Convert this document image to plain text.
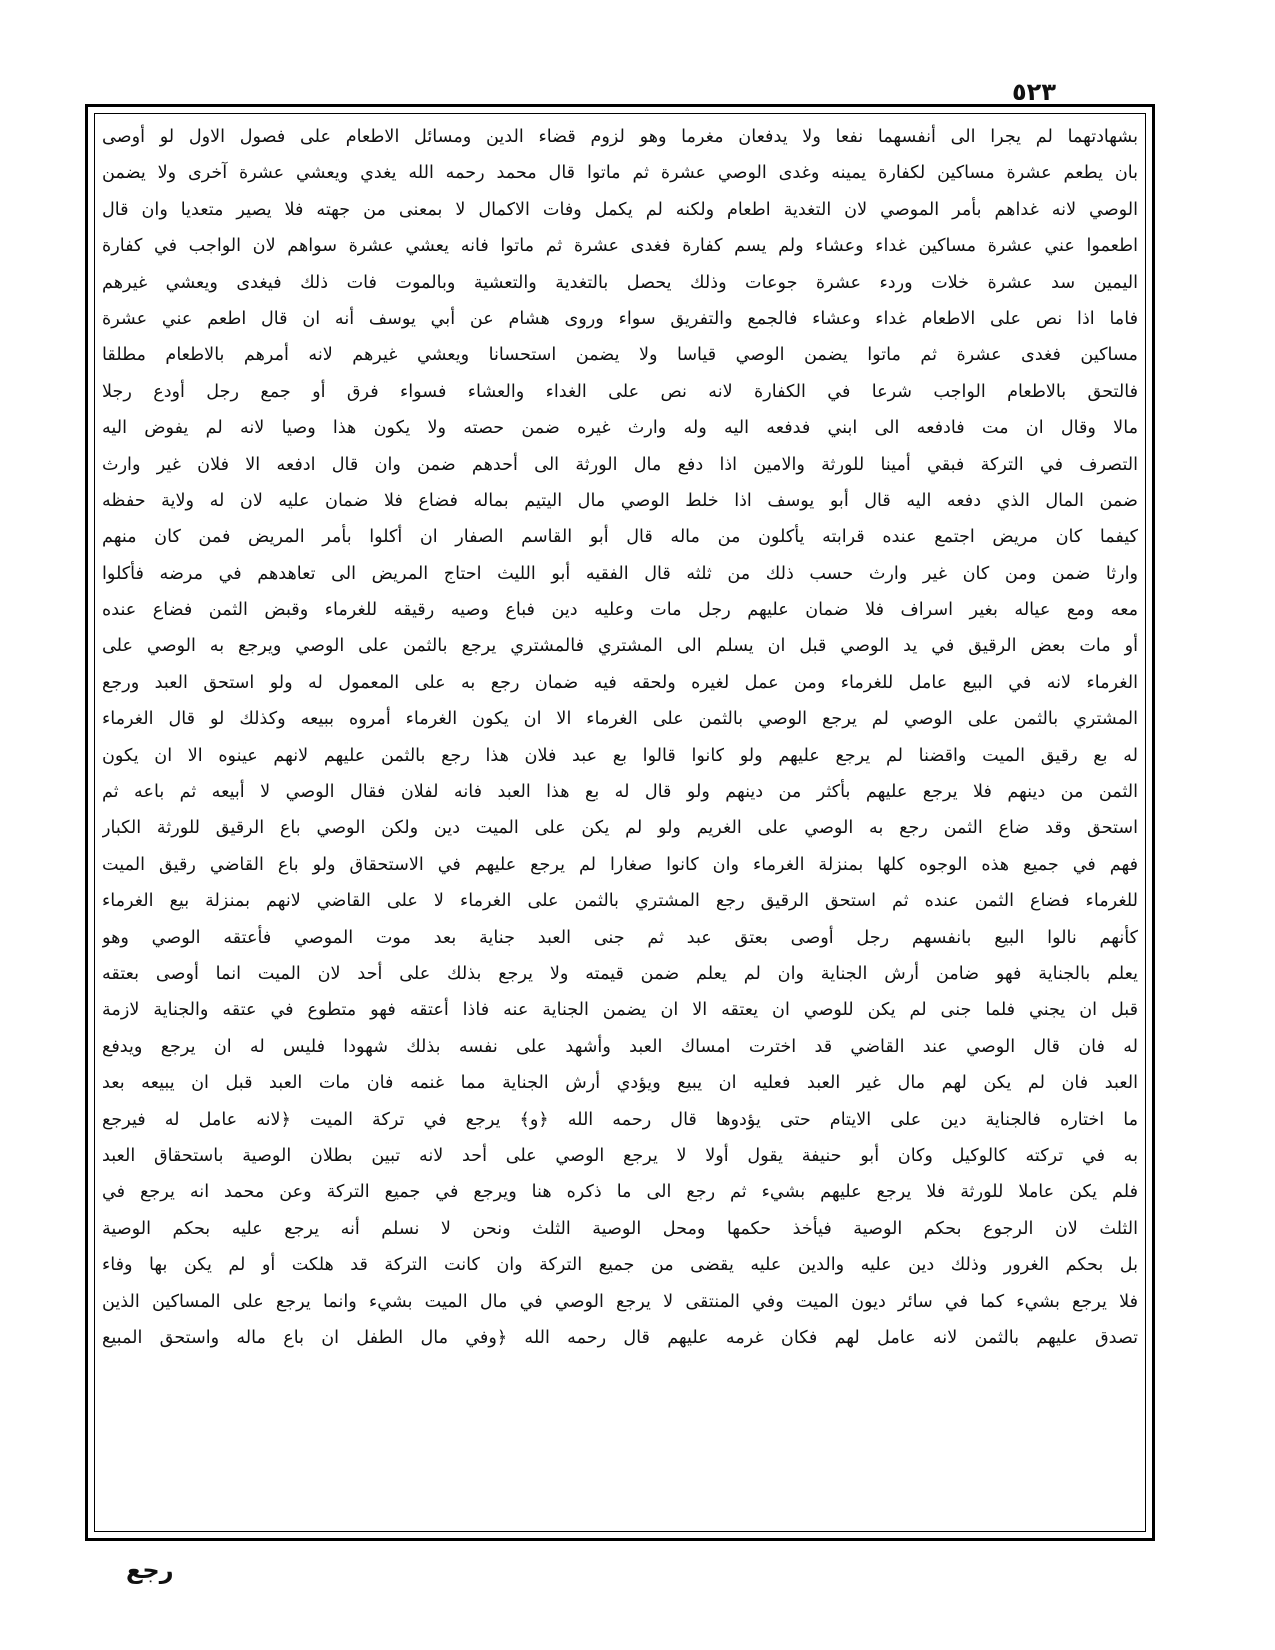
٥٢٣
بشهادتهما لم يجرا الى أنفسهما نفعا ولا يدفعان مغرما وهو لزوم قضاء الدين ومسائل الاطعام على فصول الاول لو أوصى
بان يطعم عشرة مساكين لكفارة يمينه وغدى الوصي عشرة ثم ماتوا قال محمد رحمه الله يغدي ويعشي عشرة آخرى ولا يضمن
الوصي لانه غداهم بأمر الموصي لان التغدية اطعام ولكنه لم يكمل وفات الاكمال لا بمعنى من جهته فلا يصير متعديا وان قال
اطعموا عني عشرة مساكين غداء وعشاء ولم يسم كفارة فغدى عشرة ثم ماتوا فانه يعشي عشرة سواهم لان الواجب في كفارة
اليمين سد عشرة خلات وردء عشرة جوعات وذلك يحصل بالتغدية والتعشية وبالموت فات ذلك فيغدى ويعشي غيرهم
فاما اذا نص على الاطعام غداء وعشاء فالجمع والتفريق سواء وروى هشام عن أبي يوسف أنه ان قال اطعم عني عشرة
مساكين فغدى عشرة ثم ماتوا يضمن الوصي قياسا ولا يضمن استحسانا ويعشي غيرهم لانه أمرهم بالاطعام مطلقا
فالتحق بالاطعام الواجب شرعا في الكفارة لانه نص على الغداء والعشاء فسواء فرق أو جمع رجل أودع رجلا
مالا وقال ان مت فادفعه الى ابني فدفعه اليه وله وارث غيره ضمن حصته ولا يكون هذا وصيا لانه لم يفوض اليه
التصرف في التركة فبقي أمينا للورثة والامين اذا دفع مال الورثة الى أحدهم ضمن وان قال ادفعه الا فلان غير وارث
ضمن المال الذي دفعه اليه قال أبو يوسف اذا خلط الوصي مال اليتيم بماله فضاع فلا ضمان عليه لان له ولاية حفظه
كيفما كان مريض اجتمع عنده قرابته يأكلون من ماله قال أبو القاسم الصفار ان أكلوا بأمر المريض فمن كان منهم
وارثا ضمن ومن كان غير وارث حسب ذلك من ثلثه قال الفقيه أبو الليث احتاج المريض الى تعاهدهم في مرضه فأكلوا
معه ومع عياله بغير اسراف فلا ضمان عليهم رجل مات وعليه دين فباع وصيه رقيقه للغرماء وقبض الثمن فضاع عنده
أو مات بعض الرقيق في يد الوصي قبل ان يسلم الى المشتري فالمشتري يرجع بالثمن على الوصي ويرجع به الوصي على
الغرماء لانه في البيع عامل للغرماء ومن عمل لغيره ولحقه فيه ضمان رجع به على المعمول له ولو استحق العبد ورجع
المشتري بالثمن على الوصي لم يرجع الوصي بالثمن على الغرماء الا ان يكون الغرماء أمروه ببيعه وكذلك لو قال الغرماء
له بع رقيق الميت واقضنا لم يرجع عليهم ولو كانوا قالوا بع عبد فلان هذا رجع بالثمن عليهم لانهم عينوه الا ان يكون
الثمن من دينهم فلا يرجع عليهم بأكثر من دينهم ولو قال له بع هذا العبد فانه لفلان فقال الوصي لا أبيعه ثم باعه ثم
استحق وقد ضاع الثمن رجع به الوصي على الغريم ولو لم يكن على الميت دين ولكن الوصي باع الرقيق للورثة الكبار
فهم في جميع هذه الوجوه كلها بمنزلة الغرماء وان كانوا صغارا لم يرجع عليهم في الاستحقاق ولو باع القاضي رقيق الميت
للغرماء فضاع الثمن عنده ثم استحق الرقيق رجع المشتري بالثمن على الغرماء لا على القاضي لانهم بمنزلة بيع الغرماء
كأنهم نالوا البيع بانفسهم رجل أوصى بعتق عبد ثم جنى العبد جناية بعد موت الموصي فأعتقه الوصي وهو
يعلم بالجناية فهو ضامن أرش الجناية وان لم يعلم ضمن قيمته ولا يرجع بذلك على أحد لان الميت انما أوصى بعتقه
قبل ان يجني فلما جنى لم يكن للوصي ان يعتقه الا ان يضمن الجناية عنه فاذا أعتقه فهو متطوع في عتقه والجناية لازمة
له فان قال الوصي عند القاضي قد اخترت امساك العبد وأشهد على نفسه بذلك شهودا فليس له ان يرجع ويدفع
العبد فان لم يكن لهم مال غير العبد فعليه ان يبيع ويؤدي أرش الجناية مما غنمه فان مات العبد قبل ان يبيعه بعد
ما اختاره فالجناية دين على الايتام حتى يؤدوها قال رحمه الله ﴿و﴾ يرجع في تركة الميت ﴿لانه عامل له فيرجع
به في تركته كالوكيل وكان أبو حنيفة يقول أولا لا يرجع الوصي على أحد لانه تبين بطلان الوصية باستحقاق العبد
فلم يكن عاملا للورثة فلا يرجع عليهم بشيء ثم رجع الى ما ذكره هنا ويرجع في جميع التركة وعن محمد انه يرجع في
الثلث لان الرجوع بحكم الوصية فيأخذ حكمها ومحل الوصية الثلث ونحن لا نسلم أنه يرجع عليه بحكم الوصية
بل بحكم الغرور وذلك دين عليه والدين عليه يقضى من جميع التركة وان كانت التركة قد هلكت أو لم يكن بها وفاء
فلا يرجع بشيء كما في سائر ديون الميت وفي المنتقى لا يرجع الوصي في مال الميت بشيء وانما يرجع على المساكين الذين
تصدق عليهم بالثمن لانه عامل لهم فكان غرمه عليهم قال رحمه الله ﴿وفي مال الطفل ان باع ماله واستحق المبيع
رجع
